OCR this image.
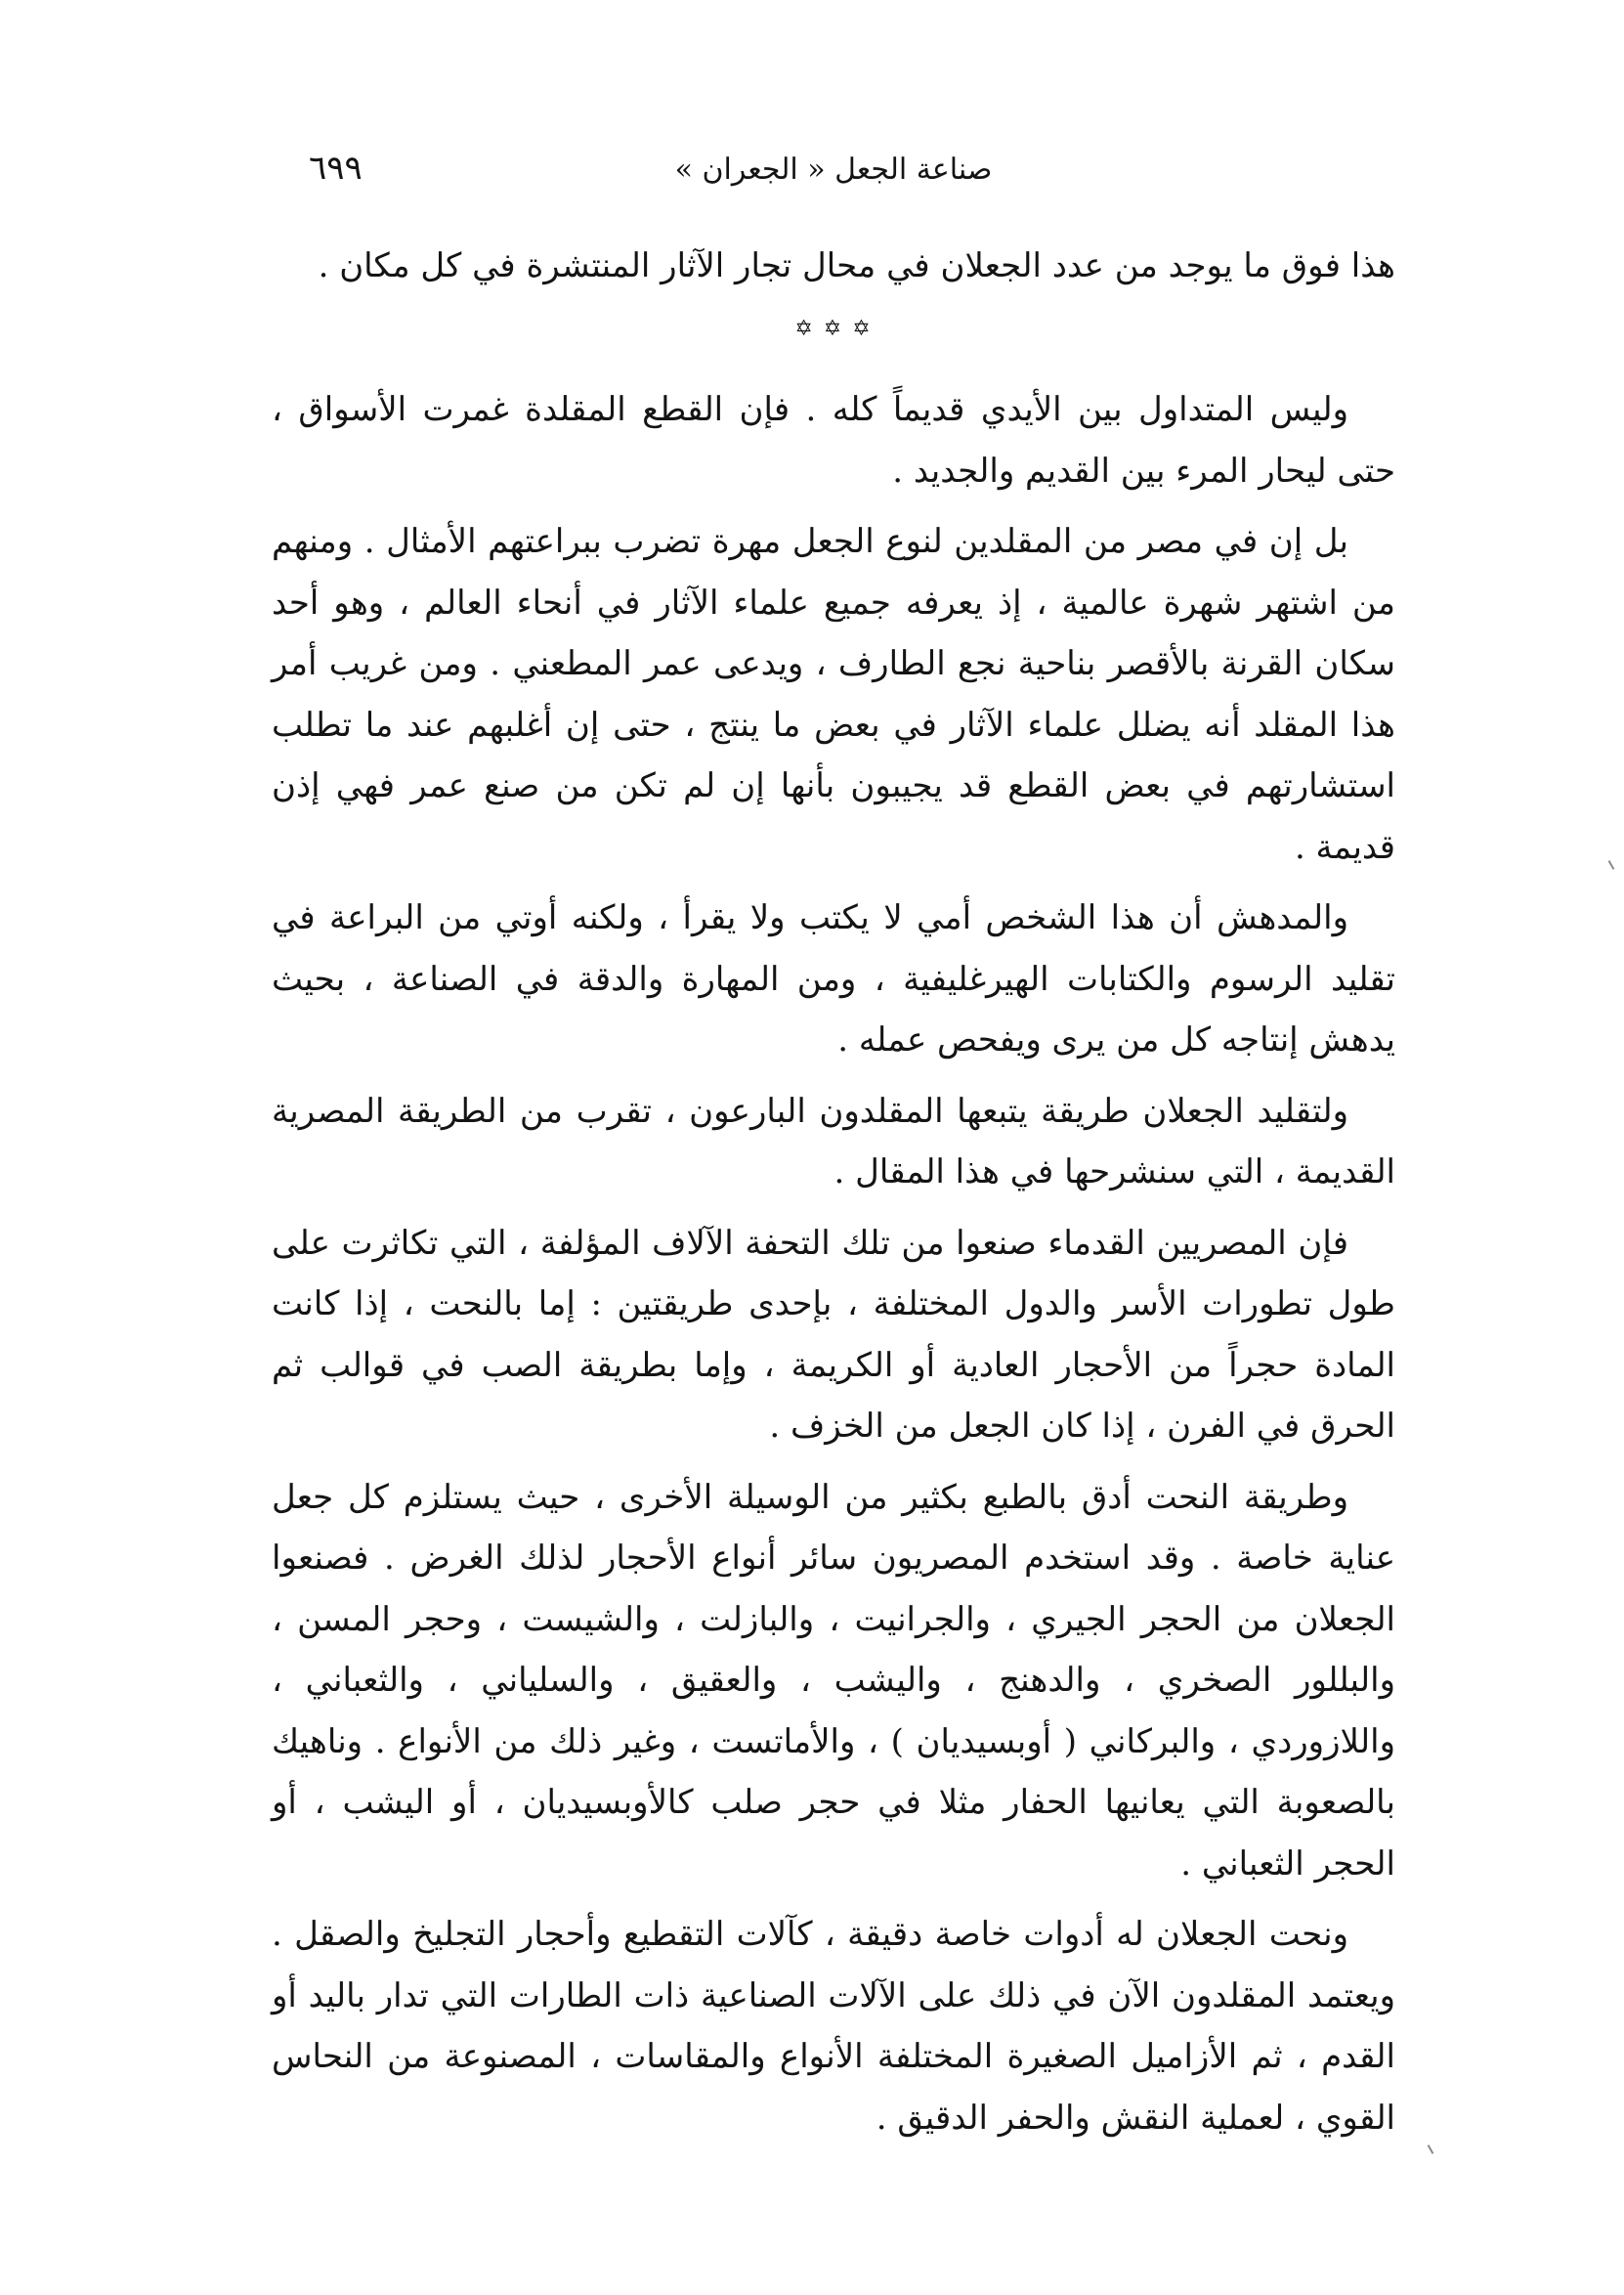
صناعة الجعل « الجعران »
٦٩٩

هذا فوق ما يوجد من عدد الجعلان في محال تجار الآثار المنتشرة في كل مكان .

✡ ✡ ✡

وليس المتداول بين الأيدي قديماً كله . فإن القطع المقلدة غمرت الأسواق ، حتى ليحار المرء بين القديم والجديد .

بل إن في مصر من المقلدين لنوع الجعل مهرة تضرب ببراعتهم الأمثال . ومنهم من اشتهر شهرة عالمية ، إذ يعرفه جميع علماء الآثار في أنحاء العالم ، وهو أحد سكان القرنة بالأقصر بناحية نجع الطارف ، ويدعى عمر المطعني . ومن غريب أمر هذا المقلد أنه يضلل علماء الآثار في بعض ما ينتج ، حتى إن أغلبهم عند ما تطلب استشارتهم في بعض القطع قد يجيبون بأنها إن لم تكن من صنع عمر فهي إذن قديمة .

والمدهش أن هذا الشخص أمي لا يكتب ولا يقرأ ، ولكنه أوتي من البراعة في تقليد الرسوم والكتابات الهيرغليفية ، ومن المهارة والدقة في الصناعة ، بحيث يدهش إنتاجه كل من يرى ويفحص عمله .

ولتقليد الجعلان طريقة يتبعها المقلدون البارعون ، تقرب من الطريقة المصرية القديمة ، التي سنشرحها في هذا المقال .

فإن المصريين القدماء صنعوا من تلك التحفة الآلاف المؤلفة ، التي تكاثرت على طول تطورات الأسر والدول المختلفة ، بإحدى طريقتين : إما بالنحت ، إذا كانت المادة حجراً من الأحجار العادية أو الكريمة ، وإما بطريقة الصب في قوالب ثم الحرق في الفرن ، إذا كان الجعل من الخزف .

وطريقة النحت أدق بالطبع بكثير من الوسيلة الأخرى ، حيث يستلزم كل جعل عناية خاصة . وقد استخدم المصريون سائر أنواع الأحجار لذلك الغرض . فصنعوا الجعلان من الحجر الجيري ، والجرانيت ، والبازلت ، والشيست ، وحجر المسن ، والبللور الصخري ، والدهنج ، واليشب ، والعقيق ، والسلياني ، والثعباني ، واللازوردي ، والبركاني ( أوبسيديان ) ، والأماتست ، وغير ذلك من الأنواع . وناهيك بالصعوبة التي يعانيها الحفار مثلا في حجر صلب كالأوبسيديان ، أو اليشب ، أو الحجر الثعباني .

ونحت الجعلان له أدوات خاصة دقيقة ، كآلات التقطيع وأحجار التجليخ والصقل . ويعتمد المقلدون الآن في ذلك على الآلات الصناعية ذات الطارات التي تدار باليد أو القدم ، ثم الأزاميل الصغيرة المختلفة الأنواع والمقاسات ، المصنوعة من النحاس القوي ، لعملية النقش والحفر الدقيق .
